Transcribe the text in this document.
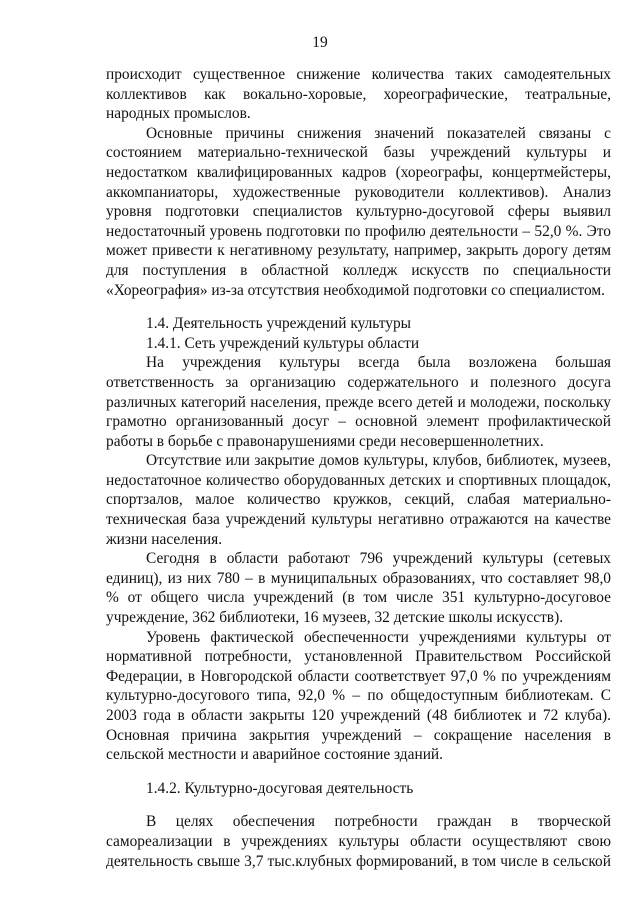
19

происходит существенное снижение количества таких самодеятельных коллективов как вокально-хоровые, хореографические, театральные, народных промыслов.

Основные причины снижения значений показателей связаны с состоянием материально-технической базы учреждений культуры и недостатком квалифицированных кадров (хореографы, концертмейстеры, аккомпаниаторы, художественные руководители коллективов). Анализ уровня подготовки специалистов культурно-досуговой сферы выявил недостаточный уровень подготовки по профилю деятельности – 52,0 %. Это может привести к негативному результату, например, закрыть дорогу детям для поступления в областной колледж искусств по специальности «Хореография» из-за отсутствия необходимой подготовки со специалистом.

1.4. Деятельность учреждений культуры
1.4.1. Сеть учреждений культуры области

На учреждения культуры всегда была возложена большая ответственность за организацию содержательного и полезного досуга различных категорий населения, прежде всего детей и молодежи, поскольку грамотно организованный досуг – основной элемент профилактической работы в борьбе с правонарушениями среди несовершеннолетних.

Отсутствие или закрытие домов культуры, клубов, библиотек, музеев, недостаточное количество оборудованных детских и спортивных площадок, спортзалов, малое количество кружков, секций, слабая материально-техническая база учреждений культуры негативно отражаются на качестве жизни населения.

Сегодня в области работают 796 учреждений культуры (сетевых единиц), из них 780 – в муниципальных образованиях, что составляет 98,0 % от общего числа учреждений (в том числе 351 культурно-досуговое учреждение, 362 библиотеки, 16 музеев, 32 детские школы искусств).

Уровень фактической обеспеченности учреждениями культуры от нормативной потребности, установленной Правительством Российской Федерации, в Новгородской области соответствует 97,0 % по учреждениям культурно-досугового типа, 92,0 % – по общедоступным библиотекам. С 2003 года в области закрыты 120 учреждений (48 библиотек и 72 клуба). Основная причина закрытия учреждений – сокращение населения в сельской местности и аварийное состояние зданий.

1.4.2. Культурно-досуговая деятельность

В целях обеспечения потребности граждан в творческой самореализации в учреждениях культуры области осуществляют свою деятельность свыше 3,7 тыс.клубных формирований, в том числе в сельской
